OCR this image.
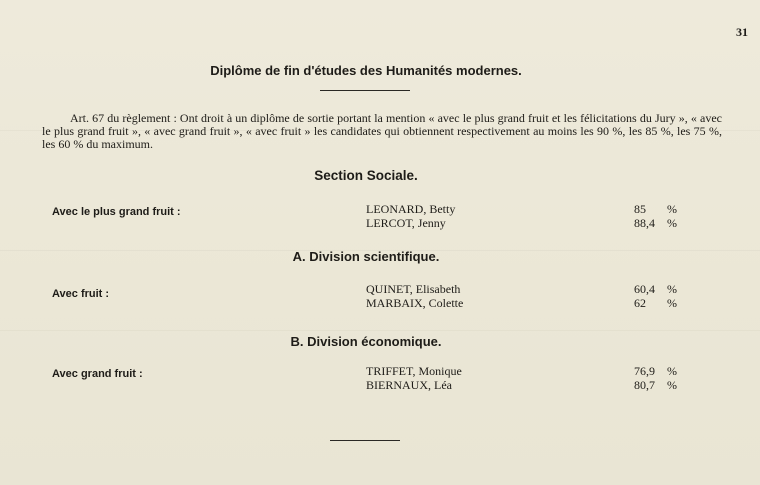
31
Diplôme de fin d'études des Humanités modernes.
Art. 67 du règlement : Ont droit à un diplôme de sortie portant la mention « avec le plus grand fruit et les félicitations du Jury », « avec le plus grand fruit », « avec grand fruit », « avec fruit » les candidates qui obtiennent respectivement au moins les 90 %, les 85 %, les 75 %, les 60 % du maximum.
Section Sociale.
Avec le plus grand fruit :	LEONARD, Betty	85 %
LERCOT, Jenny	88,4 %
A. Division scientifique.
Avec fruit :	QUINET, Elisabeth	60,4 %
MARBAIX, Colette	62 %
B. Division économique.
Avec grand fruit :	TRIFFET, Monique	76,9 %
BIERNAUX, Léa	80,7 %
